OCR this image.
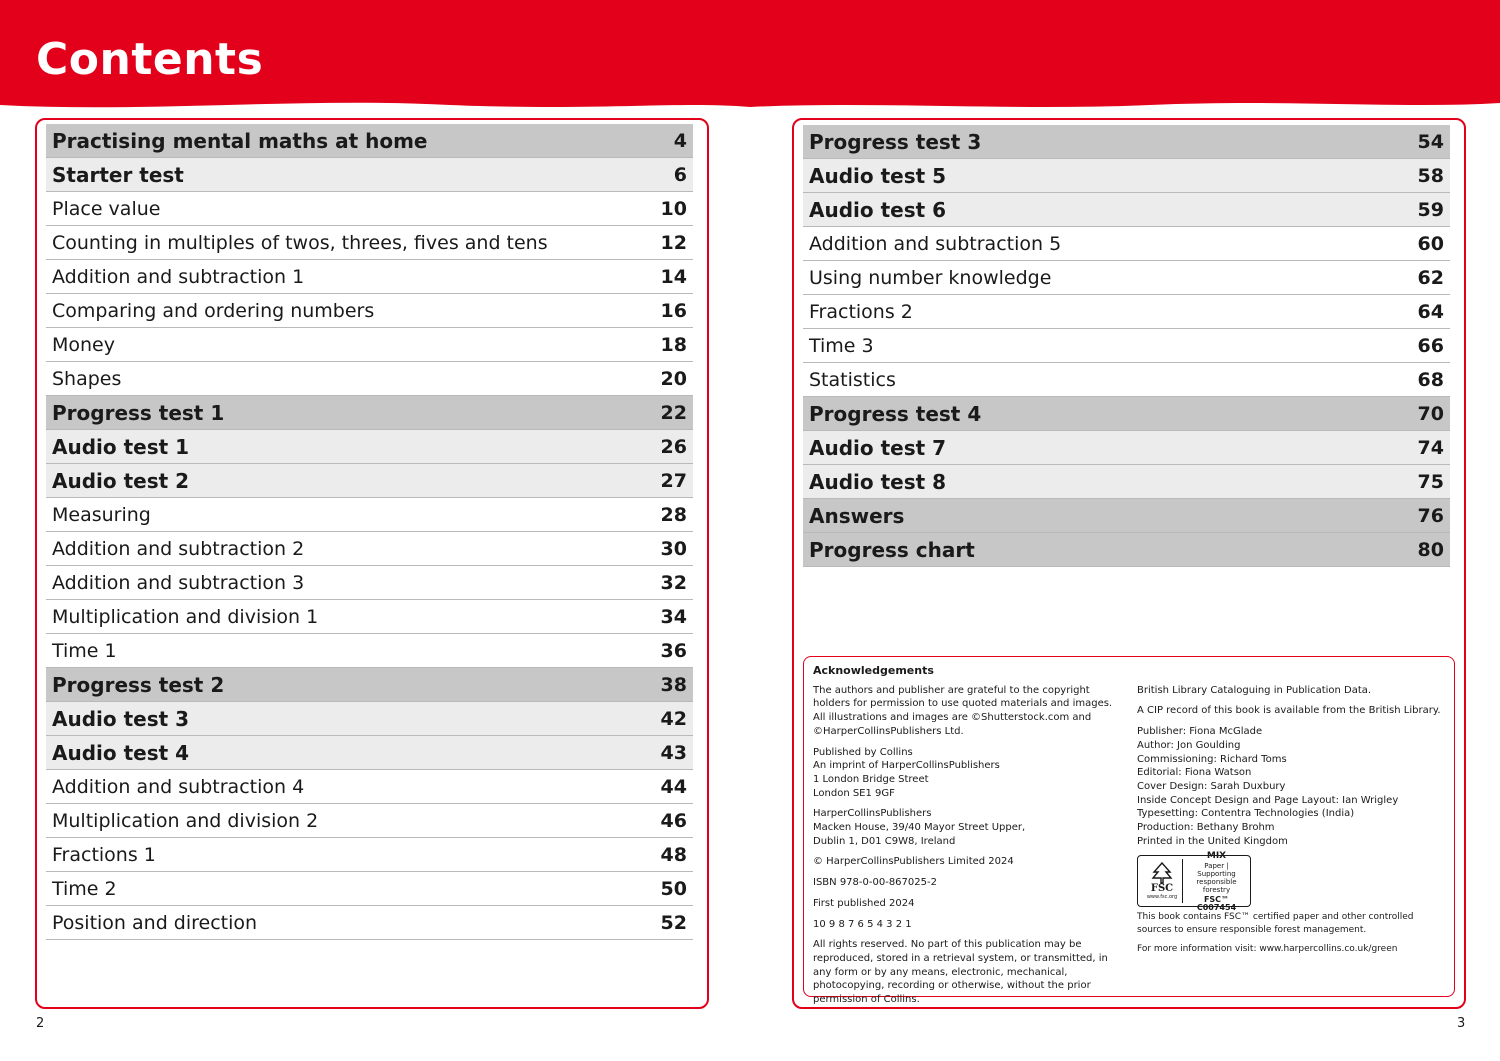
Contents
Practising mental maths at home	4
Starter test	6
Place value	10
Counting in multiples of twos, threes, fives and tens	12
Addition and subtraction 1	14
Comparing and ordering numbers	16
Money	18
Shapes	20
Progress test 1	22
Audio test 1	26
Audio test 2	27
Measuring	28
Addition and subtraction 2	30
Addition and subtraction 3	32
Multiplication and division 1	34
Time 1	36
Progress test 2	38
Audio test 3	42
Audio test 4	43
Addition and subtraction 4	44
Multiplication and division 2	46
Fractions 1	48
Time 2	50
Position and direction	52
Progress test 3	54
Audio test 5	58
Audio test 6	59
Addition and subtraction 5	60
Using number knowledge	62
Fractions 2	64
Time 3	66
Statistics	68
Progress test 4	70
Audio test 7	74
Audio test 8	75
Answers	76
Progress chart	80
Acknowledgements

The authors and publisher are grateful to the copyright holders for permission to use quoted materials and images. All illustrations and images are ©Shutterstock.com and ©HarperCollinsPublishers Ltd.

Published by Collins
An imprint of HarperCollinsPublishers
1 London Bridge Street
London SE1 9GF

HarperCollinsPublishers
Macken House, 39/40 Mayor Street Upper,
Dublin 1, D01 C9W8, Ireland

© HarperCollinsPublishers Limited 2024

ISBN 978-0-00-867025-2

First published 2024

10 9 8 7 6 5 4 3 2 1

All rights reserved. No part of this publication may be reproduced, stored in a retrieval system, or transmitted, in any form or by any means, electronic, mechanical, photocopying, recording or otherwise, without the prior permission of Collins.

British Library Cataloguing in Publication Data.

A CIP record of this book is available from the British Library.

Publisher: Fiona McGlade
Author: Jon Goulding
Commissioning: Richard Toms
Editorial: Fiona Watson
Cover Design: Sarah Duxbury
Inside Concept Design and Page Layout: Ian Wrigley
Typesetting: Contentra Technologies (India)
Production: Bethany Brohm
Printed in the United Kingdom

FSC
www.fsc.org
MIX
Paper | Supporting
responsible forestry
FSC™ C007454

This book contains FSC™ certified paper and other controlled sources to ensure responsible forest management.

For more information visit: www.harpercollins.co.uk/green

2	3
